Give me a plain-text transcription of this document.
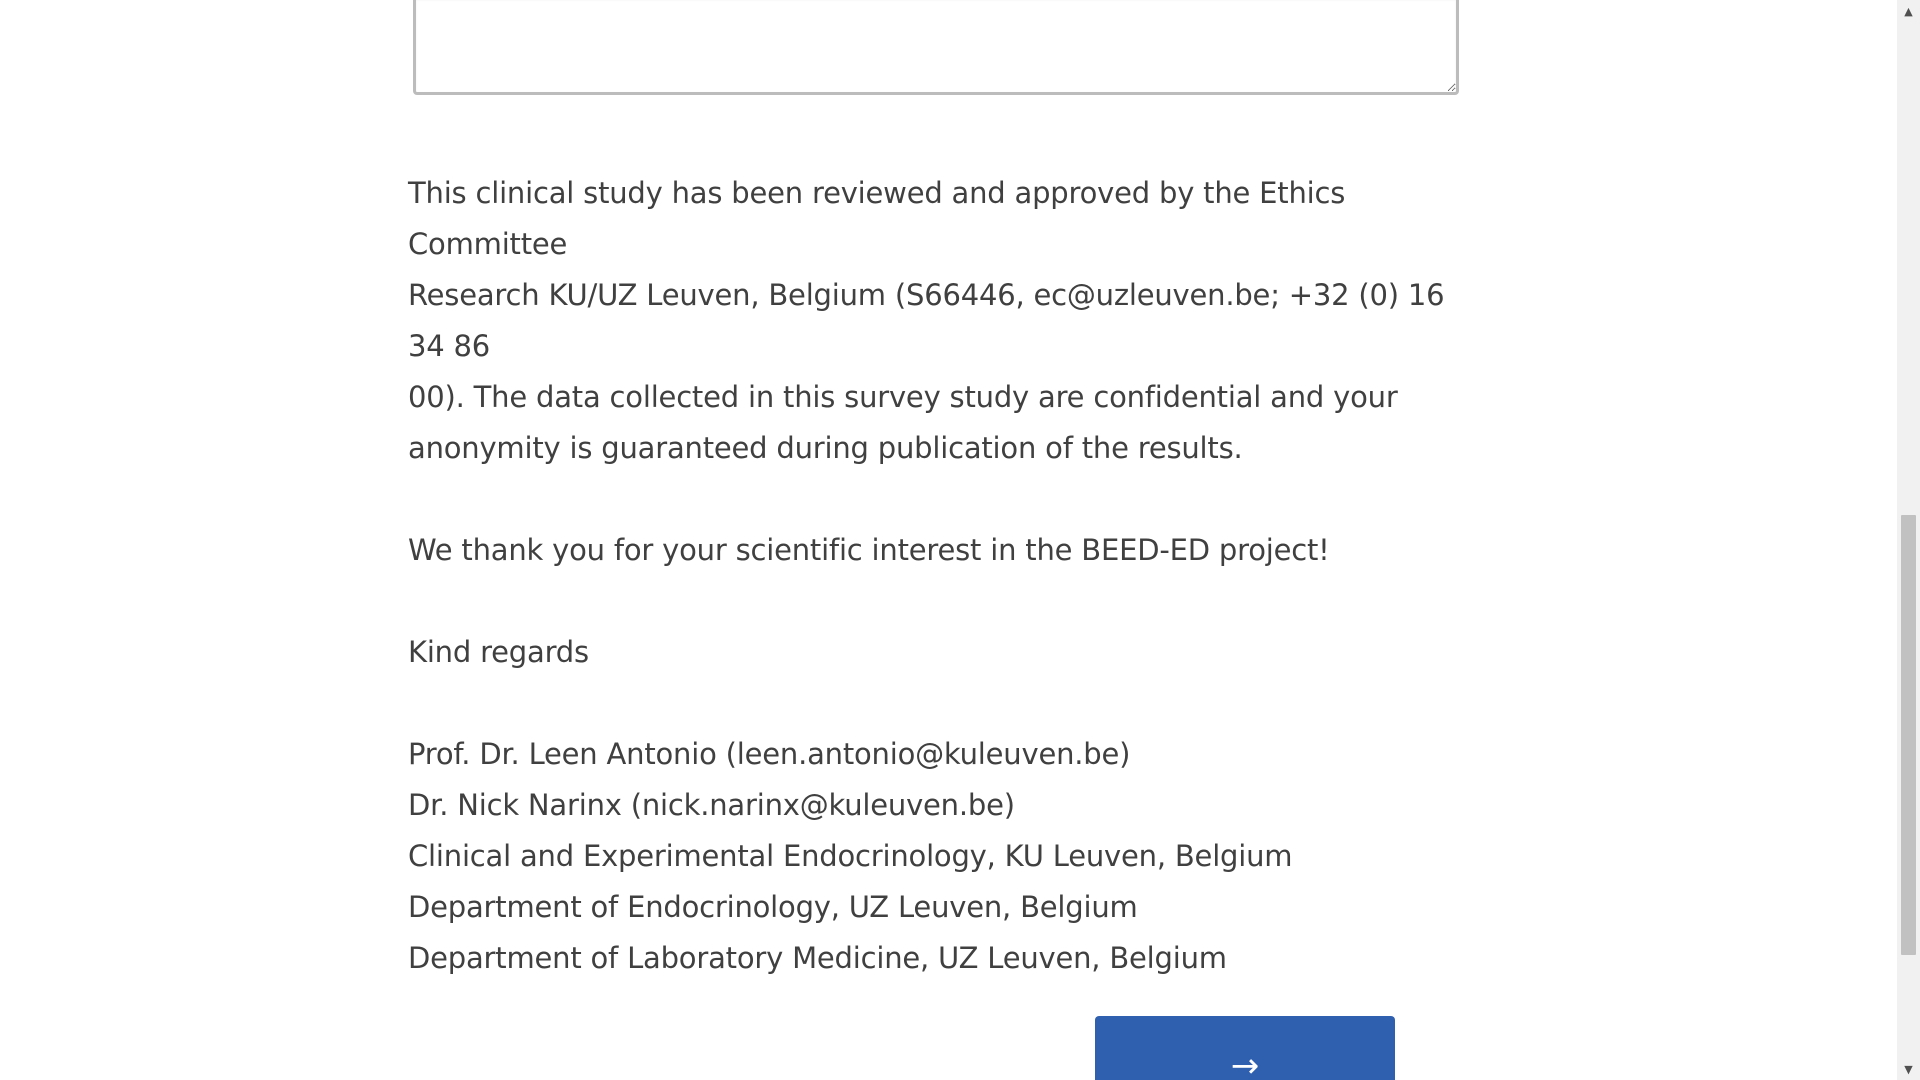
This clinical study has been reviewed and approved by the Ethics Committee
Research KU/UZ Leuven, Belgium (S66446, ec@uzleuven.be; +32 (0) 16 34 86
00). The data collected in this survey study are confidential and your
anonymity is guaranteed during publication of the results.

We thank you for your scientific interest in the BEED-ED project!

Kind regards

Prof. Dr. Leen Antonio (leen.antonio@kuleuven.be)
Dr. Nick Narinx (nick.narinx@kuleuven.be)
Clinical and Experimental Endocrinology, KU Leuven, Belgium
Department of Endocrinology, UZ Leuven, Belgium
Department of Laboratory Medicine, UZ Leuven, Belgium

→
▲
▼
